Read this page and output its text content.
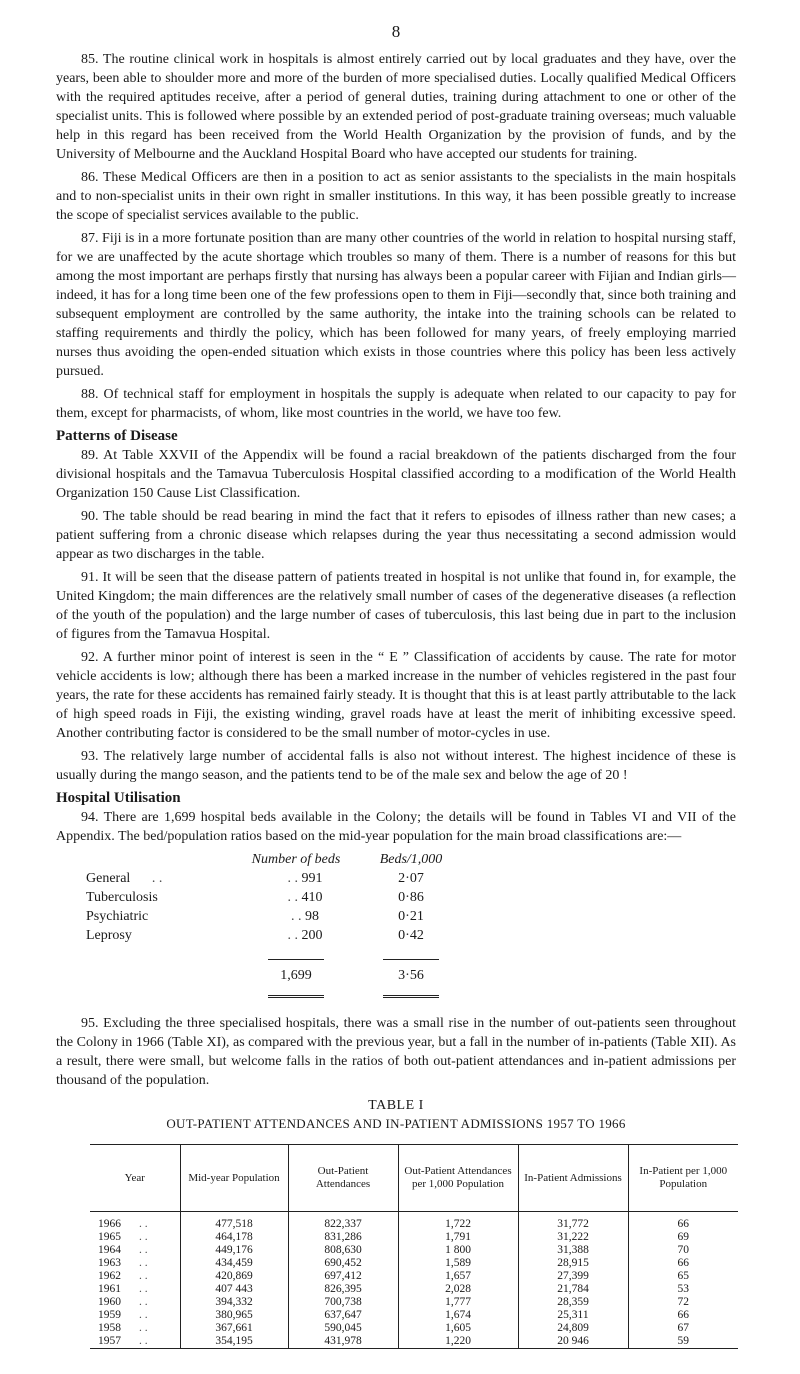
8

85. The routine clinical work in hospitals is almost entirely carried out by local graduates and they have, over the years, been able to shoulder more and more of the burden of more specialised duties. Locally qualified Medical Officers with the required aptitudes receive, after a period of general duties, training during attachment to one or other of the specialist units. This is followed where possible by an extended period of post-graduate training overseas; much valuable help in this regard has been received from the World Health Organization by the provision of funds, and by the University of Melbourne and the Auckland Hospital Board who have accepted our students for training.

86. These Medical Officers are then in a position to act as senior assistants to the specialists in the main hospitals and to non-specialist units in their own right in smaller institutions. In this way, it has been possible greatly to increase the scope of specialist services available to the public.

87. Fiji is in a more fortunate position than are many other countries of the world in relation to hospital nursing staff, for we are unaffected by the acute shortage which troubles so many of them. There is a number of reasons for this but among the most important are perhaps firstly that nursing has always been a popular career with Fijian and Indian girls—indeed, it has for a long time been one of the few professions open to them in Fiji—secondly that, since both training and subsequent employment are controlled by the same authority, the intake into the training schools can be related to staffing requirements and thirdly the policy, which has been followed for many years, of freely employing married nurses thus avoiding the open-ended situation which exists in those countries where this policy has been less actively pursued.

88. Of technical staff for employment in hospitals the supply is adequate when related to our capacity to pay for them, except for pharmacists, of whom, like most countries in the world, we have too few.

Patterns of Disease

89. At Table XXVII of the Appendix will be found a racial breakdown of the patients discharged from the four divisional hospitals and the Tamavua Tuberculosis Hospital classified according to a modification of the World Health Organization 150 Cause List Classification.

90. The table should be read bearing in mind the fact that it refers to episodes of illness rather than new cases; a patient suffering from a chronic disease which relapses during the year thus necessitating a second admission would appear as two discharges in the table.

91. It will be seen that the disease pattern of patients treated in hospital is not unlike that found in, for example, the United Kingdom; the main differences are the relatively small number of cases of the degenerative diseases (a reflection of the youth of the population) and the large number of cases of tuberculosis, this last being due in part to the inclusion of figures from the Tamavua Hospital.

92. A further minor point of interest is seen in the “ E ” Classification of accidents by cause. The rate for motor vehicle accidents is low; although there has been a marked increase in the number of vehicles registered in the past four years, the rate for these accidents has remained fairly steady. It is thought that this is at least partly attributable to the lack of high speed roads in Fiji, the existing winding, gravel roads have at least the merit of inhibiting excessive speed. Another contributing factor is considered to be the small number of motor-cycles in use.

93. The relatively large number of accidental falls is also not without interest. The highest incidence of these is usually during the mango season, and the patients tend to be of the male sex and below the age of 20 !

Hospital Utilisation

94. There are 1,699 hospital beds available in the Colony; the details will be found in Tables VI and VII of the Appendix. The bed/population ratios based on the mid-year population for the main broad classifications are:—

	Number of beds	Beds/1,000
General . .	. . 991	2·07
Tuberculosis	. . 410	0·86
Psychiatric	. . 98	0·21
Leprosy	. . 200	0·42

	1,699	3·56

95. Excluding the three specialised hospitals, there was a small rise in the number of out-patients seen throughout the Colony in 1966 (Table XI), as compared with the previous year, but a fall in the number of in-patients (Table XII). As a result, there were small, but welcome falls in the ratios of both out-patient attendances and in-patient admissions per thousand of the population.

TABLE I
OUT-PATIENT ATTENDANCES AND IN-PATIENT ADMISSIONS 1957 TO 1966
Year	Mid-year Population	Out-Patient Attendances	Out-Patient Attendances per 1,000 Population	In-Patient Admissions	In-Patient per 1,000 Population
1966 . .	477,518	822,337	1,722	31,772	66
1965 . .	464,178	831,286	1,791	31,222	69
1964 . .	449,176	808,630	1 800	31,388	70
1963 . .	434,459	690,452	1,589	28,915	66
1962 . .	420,869	697,412	1,657	27,399	65
1961 . .	407 443	826,395	2,028	21,784	53
1960 . .	394,332	700,738	1,777	28,359	72
1959 . .	380,965	637,647	1,674	25,311	66
1958 . .	367,661	590,045	1,605	24,809	67
1957 . .	354,195	431,978	1,220	20 946	59
